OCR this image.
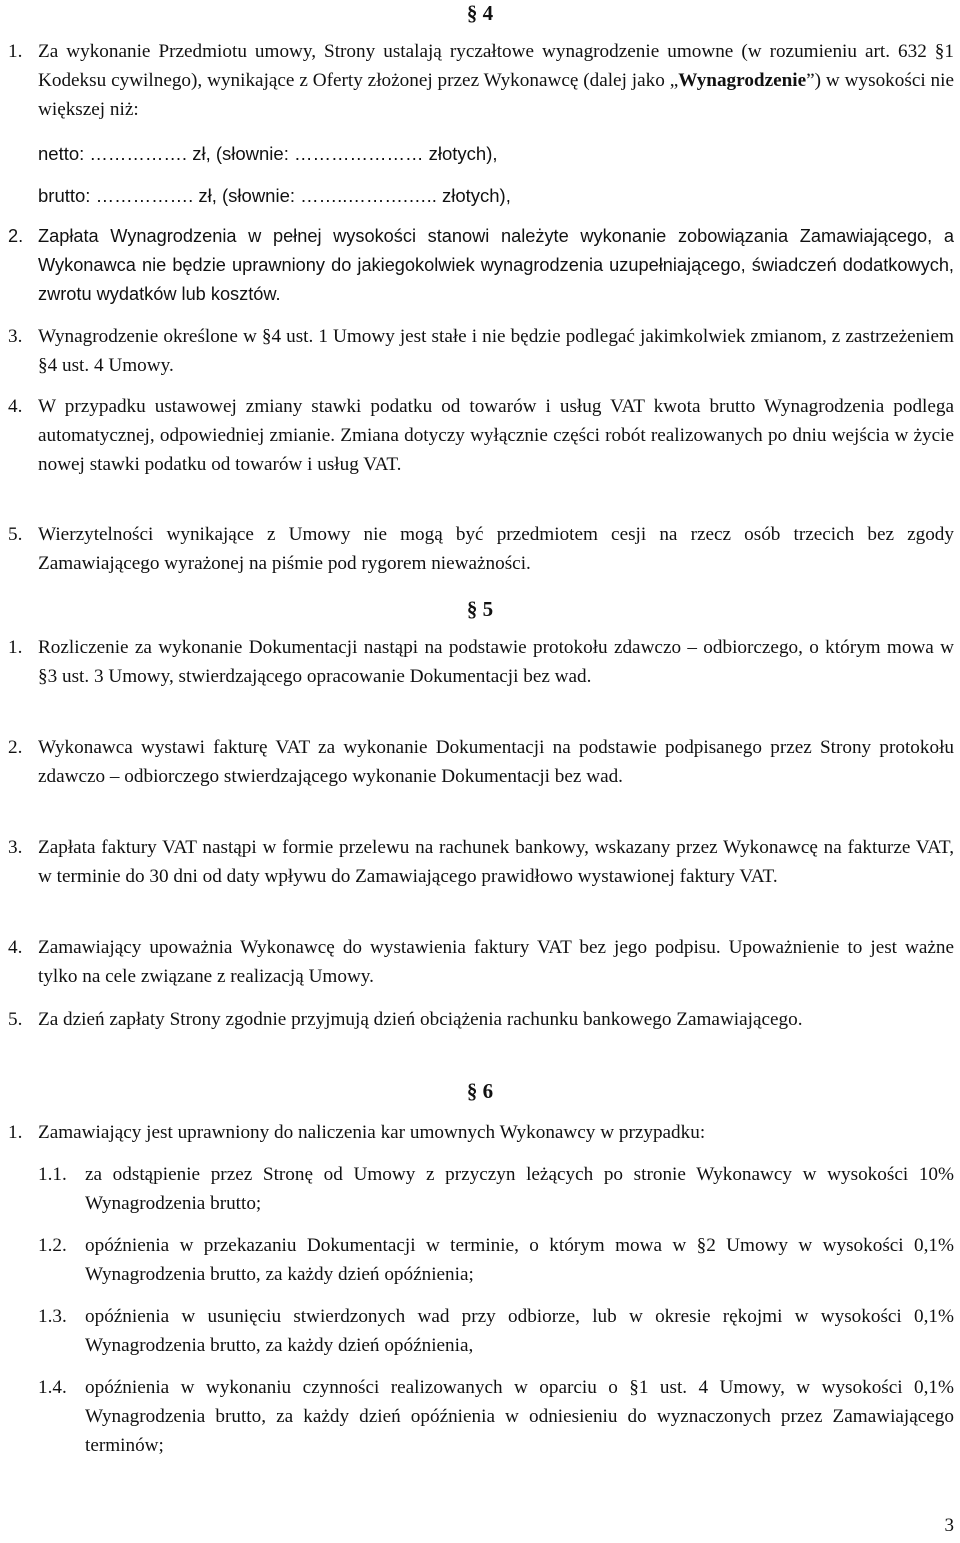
§ 4
1. Za wykonanie Przedmiotu umowy, Strony ustalają ryczałtowe wynagrodzenie umowne (w rozumieniu art. 632 §1 Kodeksu cywilnego), wynikające z Oferty złożonej przez Wykonawcę (dalej jako „Wynagrodzenie”) w wysokości nie większej niż:
netto: ……………. zł, (słownie: ………………… złotych),
brutto: ……………. zł, (słownie: ……..……….….. złotych),
2. Zapłata Wynagrodzenia w pełnej wysokości stanowi należyte wykonanie zobowiązania Zamawiającego, a Wykonawca nie będzie uprawniony do jakiegokolwiek wynagrodzenia uzupełniającego, świadczeń dodatkowych, zwrotu wydatków lub kosztów.
3. Wynagrodzenie określone w §4 ust. 1 Umowy jest stałe i nie będzie podlegać jakimkolwiek zmianom, z zastrzeżeniem §4 ust. 4 Umowy.
4. W przypadku ustawowej zmiany stawki podatku od towarów i usług VAT kwota brutto Wynagrodzenia podlega automatycznej, odpowiedniej zmianie. Zmiana dotyczy wyłącznie części robót realizowanych po dniu wejścia w życie nowej stawki podatku od towarów i usług VAT.
5. Wierzytelności wynikające z Umowy nie mogą być przedmiotem cesji na rzecz osób trzecich bez zgody Zamawiającego wyrażonej na piśmie pod rygorem nieważności.
§ 5
1. Rozliczenie za wykonanie Dokumentacji nastąpi na podstawie protokołu zdawczo – odbiorczego, o którym mowa w §3 ust. 3 Umowy, stwierdzającego opracowanie Dokumentacji bez wad.
2. Wykonawca wystawi fakturę VAT za wykonanie Dokumentacji na podstawie podpisanego przez Strony protokołu zdawczo – odbiorczego stwierdzającego wykonanie Dokumentacji bez wad.
3. Zapłata faktury VAT nastąpi w formie przelewu na rachunek bankowy, wskazany przez Wykonawcę na fakturze VAT, w terminie do 30 dni od daty wpływu do Zamawiającego prawidłowo wystawionej faktury VAT.
4. Zamawiający upoważnia Wykonawcę do wystawienia faktury VAT bez jego podpisu. Upoważnienie to jest ważne tylko na cele związane z realizacją Umowy.
5. Za dzień zapłaty Strony zgodnie przyjmują dzień obciążenia rachunku bankowego Zamawiającego.
§ 6
1. Zamawiający jest uprawniony do naliczenia kar umownych Wykonawcy w przypadku:
1.1. za odstąpienie przez Stronę od Umowy z przyczyn leżących po stronie Wykonawcy w wysokości 10% Wynagrodzenia brutto;
1.2. opóźnienia w przekazaniu Dokumentacji w terminie, o którym mowa w §2 Umowy w wysokości 0,1% Wynagrodzenia brutto, za każdy dzień opóźnienia;
1.3. opóźnienia w usunięciu stwierdzonych wad przy odbiorze, lub w okresie rękojmi w wysokości 0,1% Wynagrodzenia brutto, za każdy dzień opóźnienia,
1.4. opóźnienia w wykonaniu czynności realizowanych w oparciu o §1 ust. 4 Umowy, w wysokości 0,1% Wynagrodzenia brutto, za każdy dzień opóźnienia w odniesieniu do wyznaczonych przez Zamawiającego terminów;
3
